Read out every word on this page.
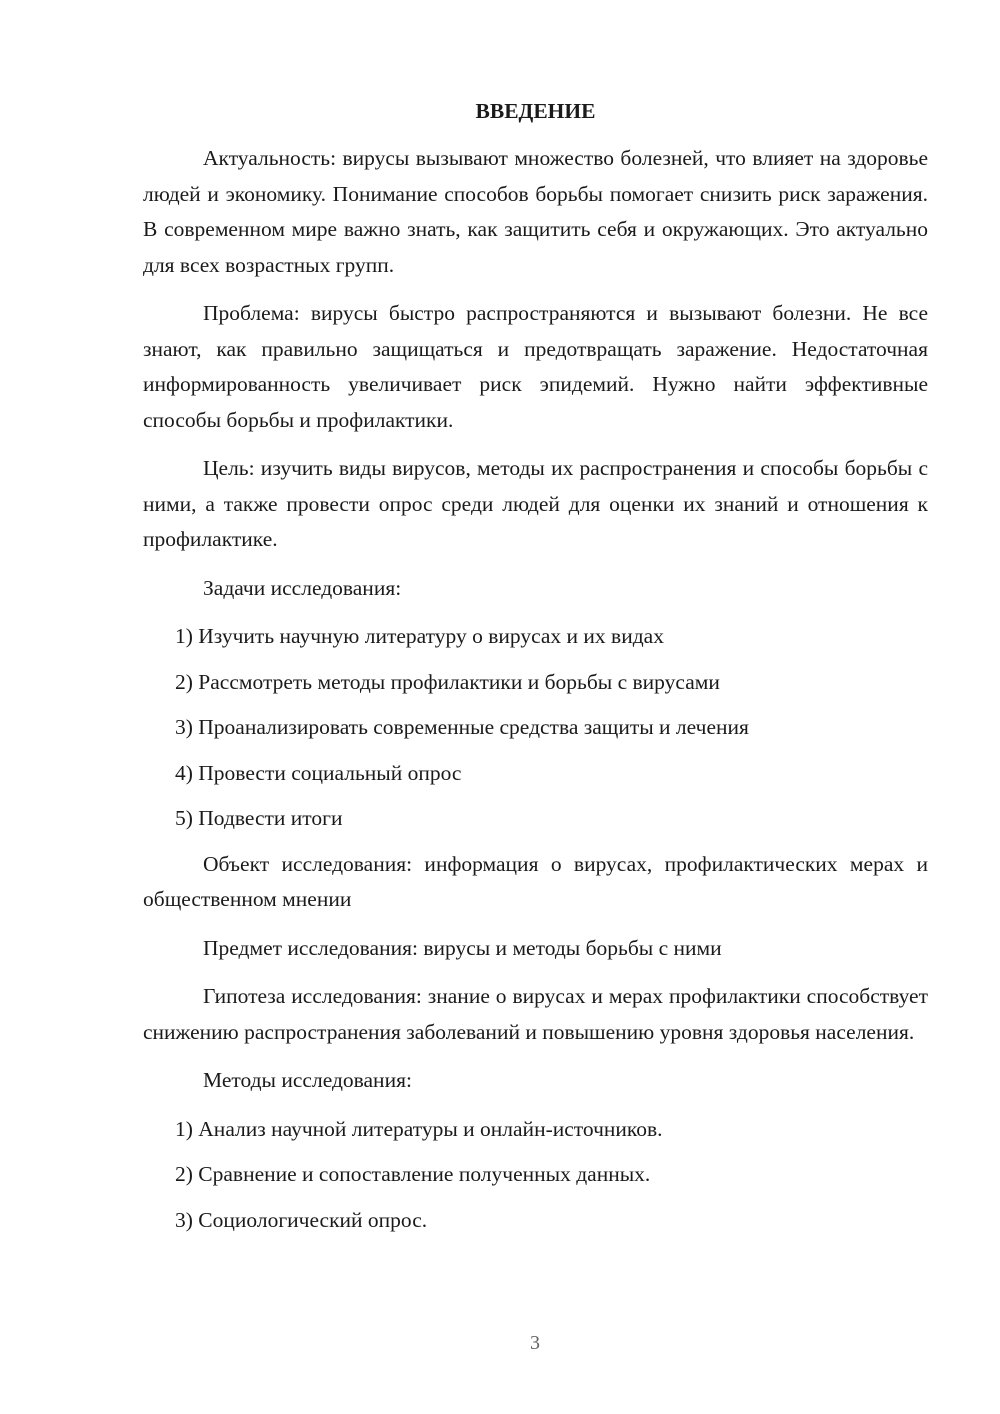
ВВЕДЕНИЕ

Актуальность: вирусы вызывают множество болезней, что влияет на здоровье людей и экономику. Понимание способов борьбы помогает снизить риск заражения. В современном мире важно знать, как защитить себя и окружающих. Это актуально для всех возрастных групп.

Проблема: вирусы быстро распространяются и вызывают болезни. Не все знают, как правильно защищаться и предотвращать заражение. Недостаточная информированность увеличивает риск эпидемий. Нужно найти эффективные способы борьбы и профилактики.

Цель: изучить виды вирусов, методы их распространения и способы борьбы с ними, а также провести опрос среди людей для оценки их знаний и отношения к профилактике.

Задачи исследования:

1) Изучить научную литературу о вирусах и их видах

2) Рассмотреть методы профилактики и борьбы с вирусами

3) Проанализировать современные средства защиты и лечения

4) Провести социальный опрос

5) Подвести итоги

Объект исследования: информация о вирусах, профилактических мерах и общественном мнении

Предмет исследования: вирусы и методы борьбы с ними

Гипотеза исследования: знание о вирусах и мерах профилактики способствует снижению распространения заболеваний и повышению уровня здоровья населения.

Методы исследования:

1) Анализ научной литературы и онлайн-источников.

2) Сравнение и сопоставление полученных данных.

3) Социологический опрос.

3
